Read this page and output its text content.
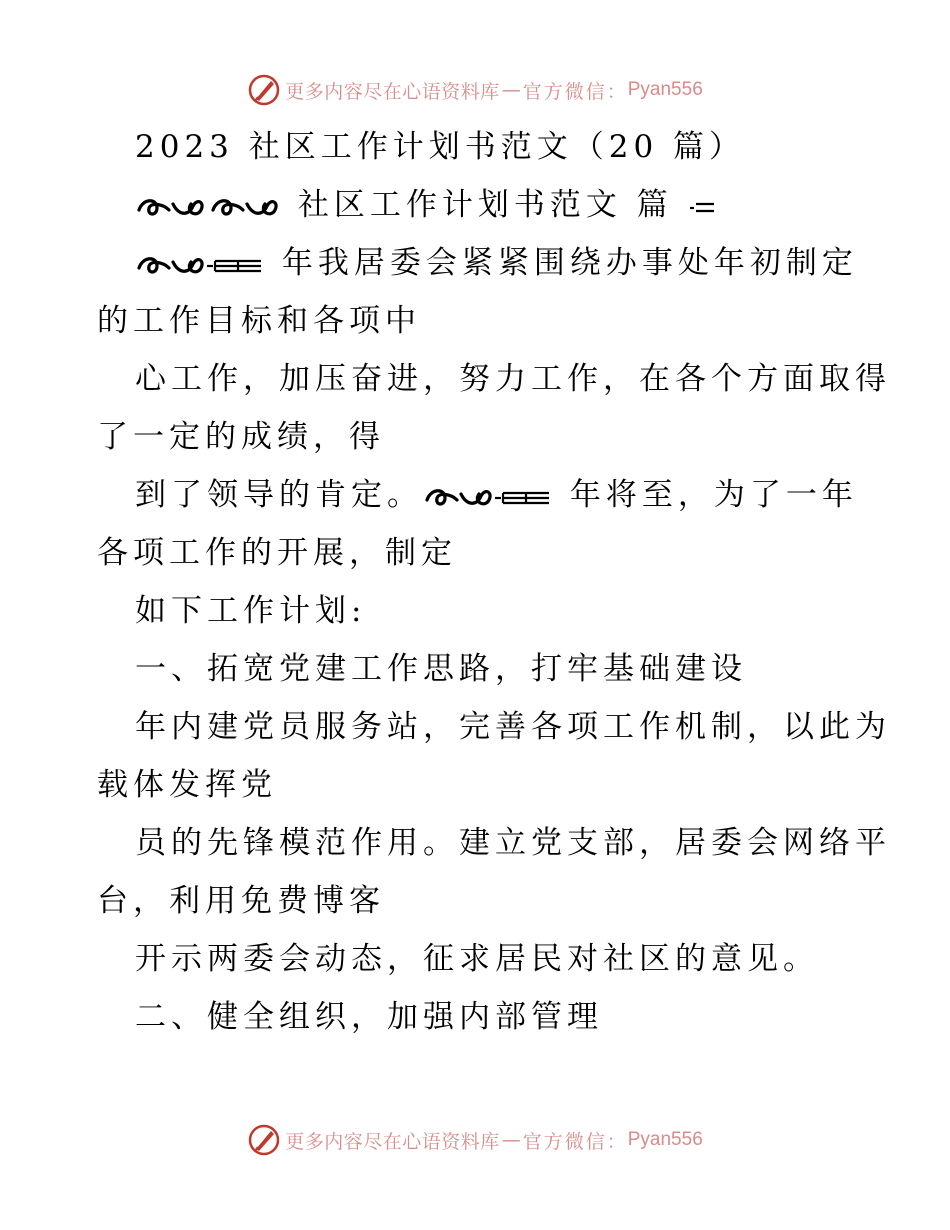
更多内容尽在心语资料库 — 官方微信： Pyan556
2023 社区工作计划书范文（20 篇）
社区工作计划书范文 篇
年我居委会紧紧围绕办事处年初制定
的工作目标和各项中
心工作，加压奋进，努力工作，在各个方面取得
了一定的成绩，得
到了领导的肯定。	年将至，为了一年
各项工作的开展，制定
如下工作计划:
一、拓宽党建工作思路，打牢基础建设
年内建党员服务站，完善各项工作机制，以此为
载体发挥党
员的先锋模范作用。建立党支部，居委会网络平
台，利用免费博客
开示两委会动态，征求居民对社区的意见。
二、健全组织，加强内部管理
更多内容尽在心语资料库 — 官方微信： Pyan556
